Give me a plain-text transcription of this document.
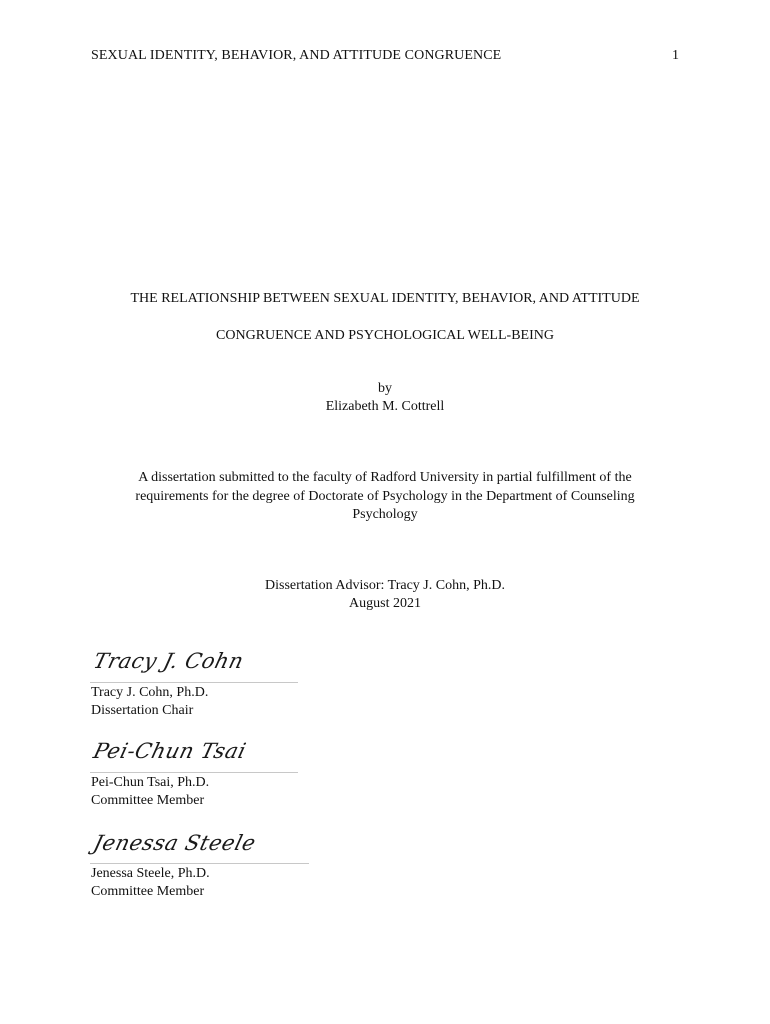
SEXUAL IDENTITY, BEHAVIOR, AND ATTITUDE CONGRUENCE	1
THE RELATIONSHIP BETWEEN SEXUAL IDENTITY, BEHAVIOR, AND ATTITUDE
CONGRUENCE AND PSYCHOLOGICAL WELL-BEING
by
Elizabeth M. Cottrell
A dissertation submitted to the faculty of Radford University in partial fulfillment of the
requirements for the degree of Doctorate of Psychology in the Department of Counseling
Psychology
Dissertation Advisor: Tracy J. Cohn, Ph.D.
August 2021
Tracy J. Cohn
Tracy J. Cohn, Ph.D.
Dissertation Chair
Pei-Chun Tsai
Pei-Chun Tsai, Ph.D.
Committee Member
Jenessa Steele
Jenessa Steele, Ph.D.
Committee Member
